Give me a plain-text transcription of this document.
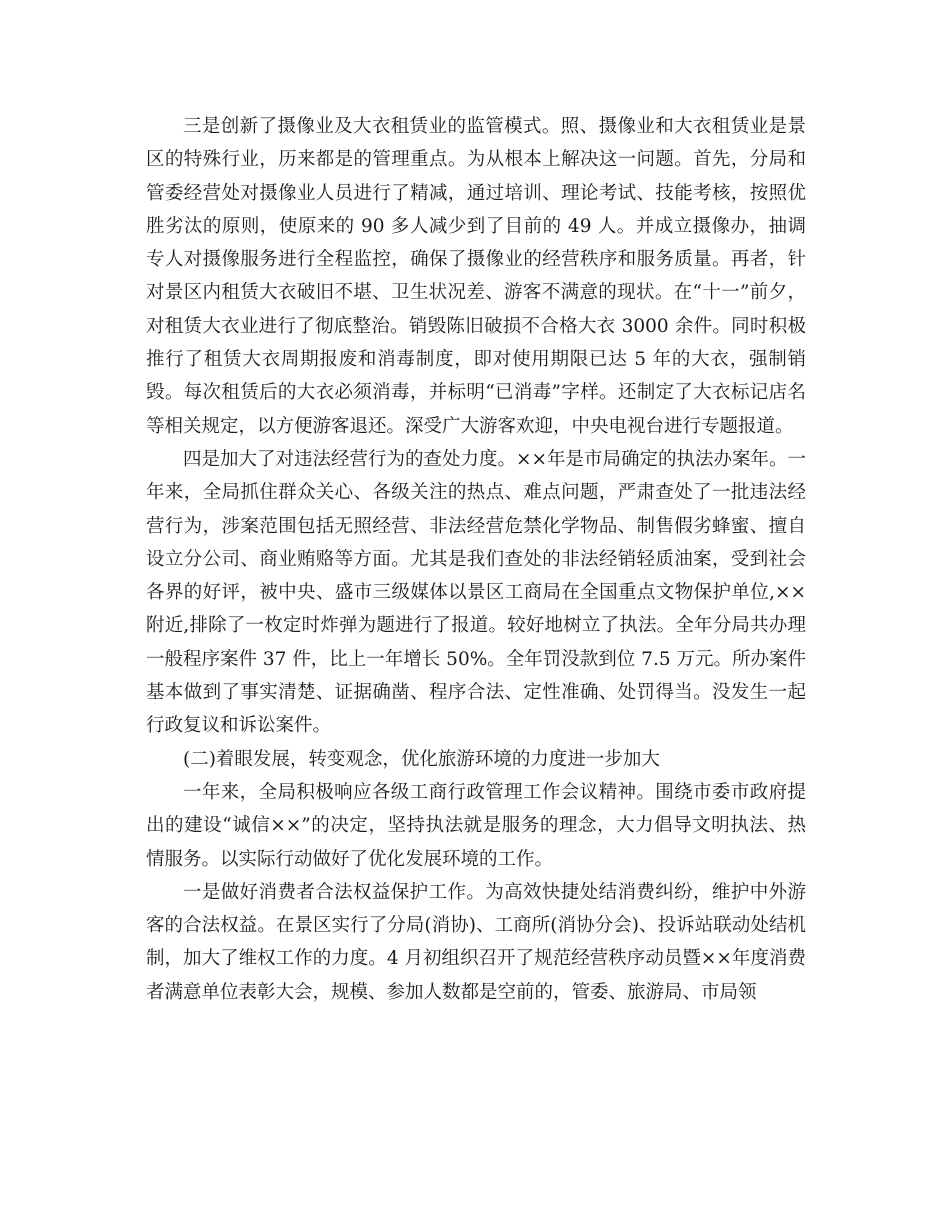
三是创新了摄像业及大衣租赁业的监管模式。照、摄像业和大衣租赁业是景区的特殊行业，历来都是的管理重点。为从根本上解决这一问题。首先，分局和管委经营处对摄像业人员进行了精减，通过培训、理论考试、技能考核，按照优胜劣汰的原则，使原来的 90 多人减少到了目前的 49 人。并成立摄像办，抽调专人对摄像服务进行全程监控，确保了摄像业的经营秩序和服务质量。再者，针对景区内租赁大衣破旧不堪、卫生状况差、游客不满意的现状。在“十一”前夕，对租赁大衣业进行了彻底整治。销毁陈旧破损不合格大衣 3000 余件。同时积极推行了租赁大衣周期报废和消毒制度，即对使用期限已达 5 年的大衣，强制销毁。每次租赁后的大衣必须消毒，并标明“已消毒”字样。还制定了大衣标记店名等相关规定，以方便游客退还。深受广大游客欢迎，中央电视台进行专题报道。

四是加大了对违法经营行为的查处力度。××年是市局确定的执法办案年。一年来，全局抓住群众关心、各级关注的热点、难点问题，严肃查处了一批违法经营行为，涉案范围包括无照经营、非法经营危禁化学物品、制售假劣蜂蜜、擅自设立分公司、商业贿赂等方面。尤其是我们查处的非法经销轻质油案，受到社会各界的好评，被中央、盛市三级媒体以景区工商局在全国重点文物保护单位,××附近,排除了一枚定时炸弹为题进行了报道。较好地树立了执法。全年分局共办理一般程序案件 37 件，比上一年增长 50%。全年罚没款到位 7.5 万元。所办案件基本做到了事实清楚、证据确凿、程序合法、定性准确、处罚得当。没发生一起行政复议和诉讼案件。

(二)着眼发展，转变观念，优化旅游环境的力度进一步加大

一年来，全局积极响应各级工商行政管理工作会议精神。围绕市委市政府提出的建设“诚信××”的决定，坚持执法就是服务的理念，大力倡导文明执法、热情服务。以实际行动做好了优化发展环境的工作。

一是做好消费者合法权益保护工作。为高效快捷处结消费纠纷，维护中外游客的合法权益。在景区实行了分局(消协)、工商所(消协分会)、投诉站联动处结机制，加大了维权工作的力度。4 月初组织召开了规范经营秩序动员暨××年度消费者满意单位表彰大会，规模、参加人数都是空前的，管委、旅游局、市局领
